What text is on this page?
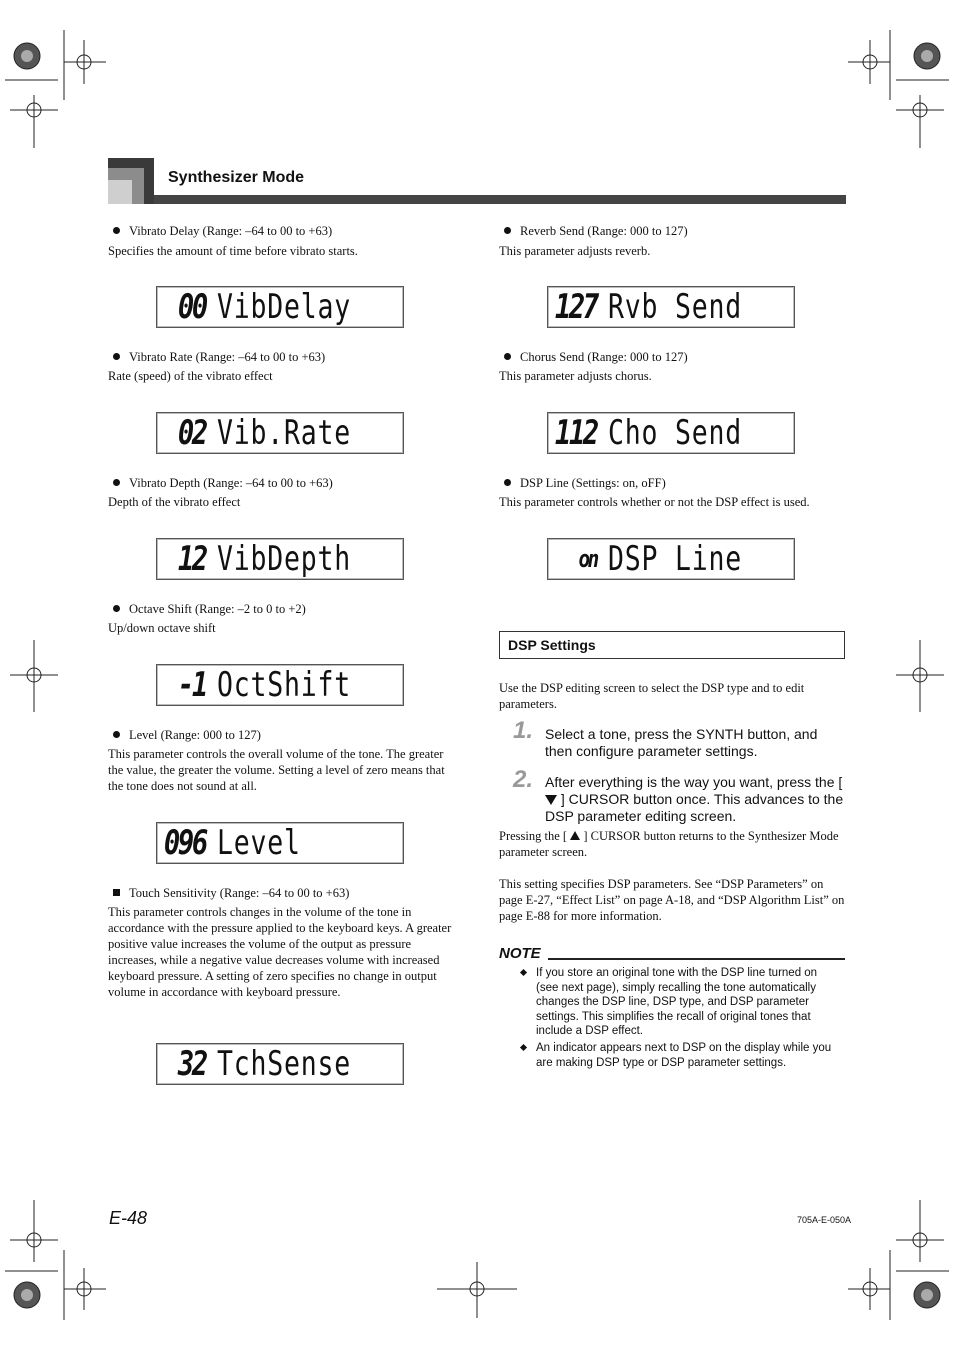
Synthesizer Mode
Vibrato Delay (Range: –64 to 00 to +63)
Specifies the amount of time before vibrato starts.
00 VibDelay
Vibrato Rate (Range: –64 to 00 to +63)
Rate (speed) of the vibrato effect
02 Vib.Rate
Vibrato Depth (Range: –64 to 00 to +63)
Depth of the vibrato effect
12 VibDepth
Octave Shift (Range: –2 to 0 to +2)
Up/down octave shift
-1 OctShift
Level (Range: 000 to 127)
This parameter controls the overall volume of the tone. The greater the value, the greater the volume. Setting a level of zero means that the tone does not sound at all.
096 Level
Touch Sensitivity (Range: –64 to 00 to +63)
This parameter controls changes in the volume of the tone in accordance with the pressure applied to the keyboard keys. A greater positive value increases the volume of the output as pressure increases, while a negative value decreases volume with increased keyboard pressure. A setting of zero specifies no change in output volume in accordance with keyboard pressure.
32 TchSense
Reverb Send (Range: 000 to 127)
This parameter adjusts reverb.
127 Rvb Send
Chorus Send (Range: 000 to 127)
This parameter adjusts chorus.
112 Cho Send
DSP Line (Settings: on, oFF)
This parameter controls whether or not the DSP effect is used.
on DSP Line
DSP Settings
Use the DSP editing screen to select the DSP type and to edit parameters.
1. Select a tone, press the SYNTH button, and then configure parameter settings.
2. After everything is the way you want, press the [  ] CURSOR button once. This advances to the DSP parameter editing screen.
Pressing the [ ] CURSOR button returns to the Synthesizer Mode parameter screen.
This setting specifies DSP parameters. See “DSP Parameters” on page E-27, “Effect List” on page A-18, and “DSP Algorithm List” on page E-88 for more information.
NOTE
If you store an original tone with the DSP line turned on (see next page), simply recalling the tone automatically changes the DSP line, DSP type, and DSP parameter settings. This simplifies the recall of original tones that include a DSP effect.
An indicator appears next to DSP on the display while you are making DSP type or DSP parameter settings.
E-48	705A-E-050A
